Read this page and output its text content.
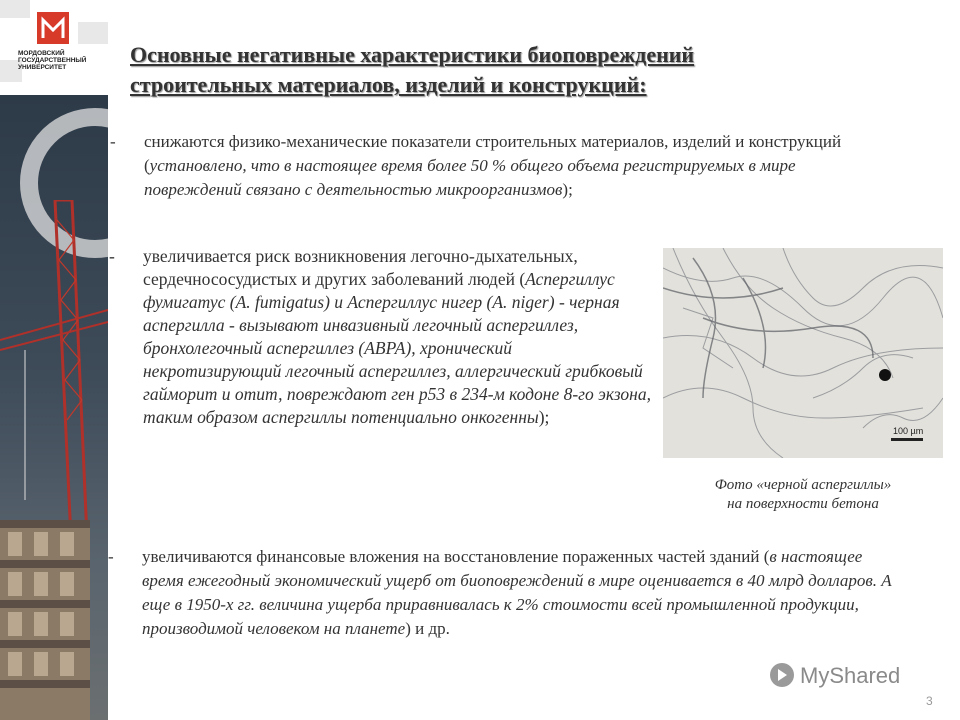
МОРДОВСКИЙ ГОСУДАРСТВЕННЫЙ УНИВЕРСИТЕТ
Основные негативные характеристики биоповреждений
строительных материалов, изделий и конструкций:
- снижаются физико-механические показатели строительных материалов, изделий и конструкций (установлено, что в настоящее время более 50 % общего объема регистрируемых в мире повреждений связано с деятельностью микроорганизмов);
- увеличивается риск возникновения легочно-дыхательных, сердечнососудистых и других заболеваний людей (Аспергиллус фумигатус (A. fumigatus) и Аспергиллус нигер (A. niger) - черная аспергилла - вызывают инвазивный легочный аспергиллез, бронхолегочный аспергиллез (АВРА), хронический некротизирующий легочный аспергиллез, аллергический грибковый гайморит и отит, повреждают ген p53 в 234-м кодоне 8-го экзона, таким образом аспергиллы потенциально онкогенны);
100 µm
Фото «черной аспергиллы»
на поверхности бетона
- увеличиваются финансовые вложения на восстановление пораженных частей зданий (в настоящее время ежегодный экономический ущерб от биоповреждений в мире оценивается в 40 млрд долларов. А еще в 1950-х гг. величина ущерба приравнивалась к 2% стоимости всей промышленной продукции, производимой человеком на планете) и др.
MyShared
3
